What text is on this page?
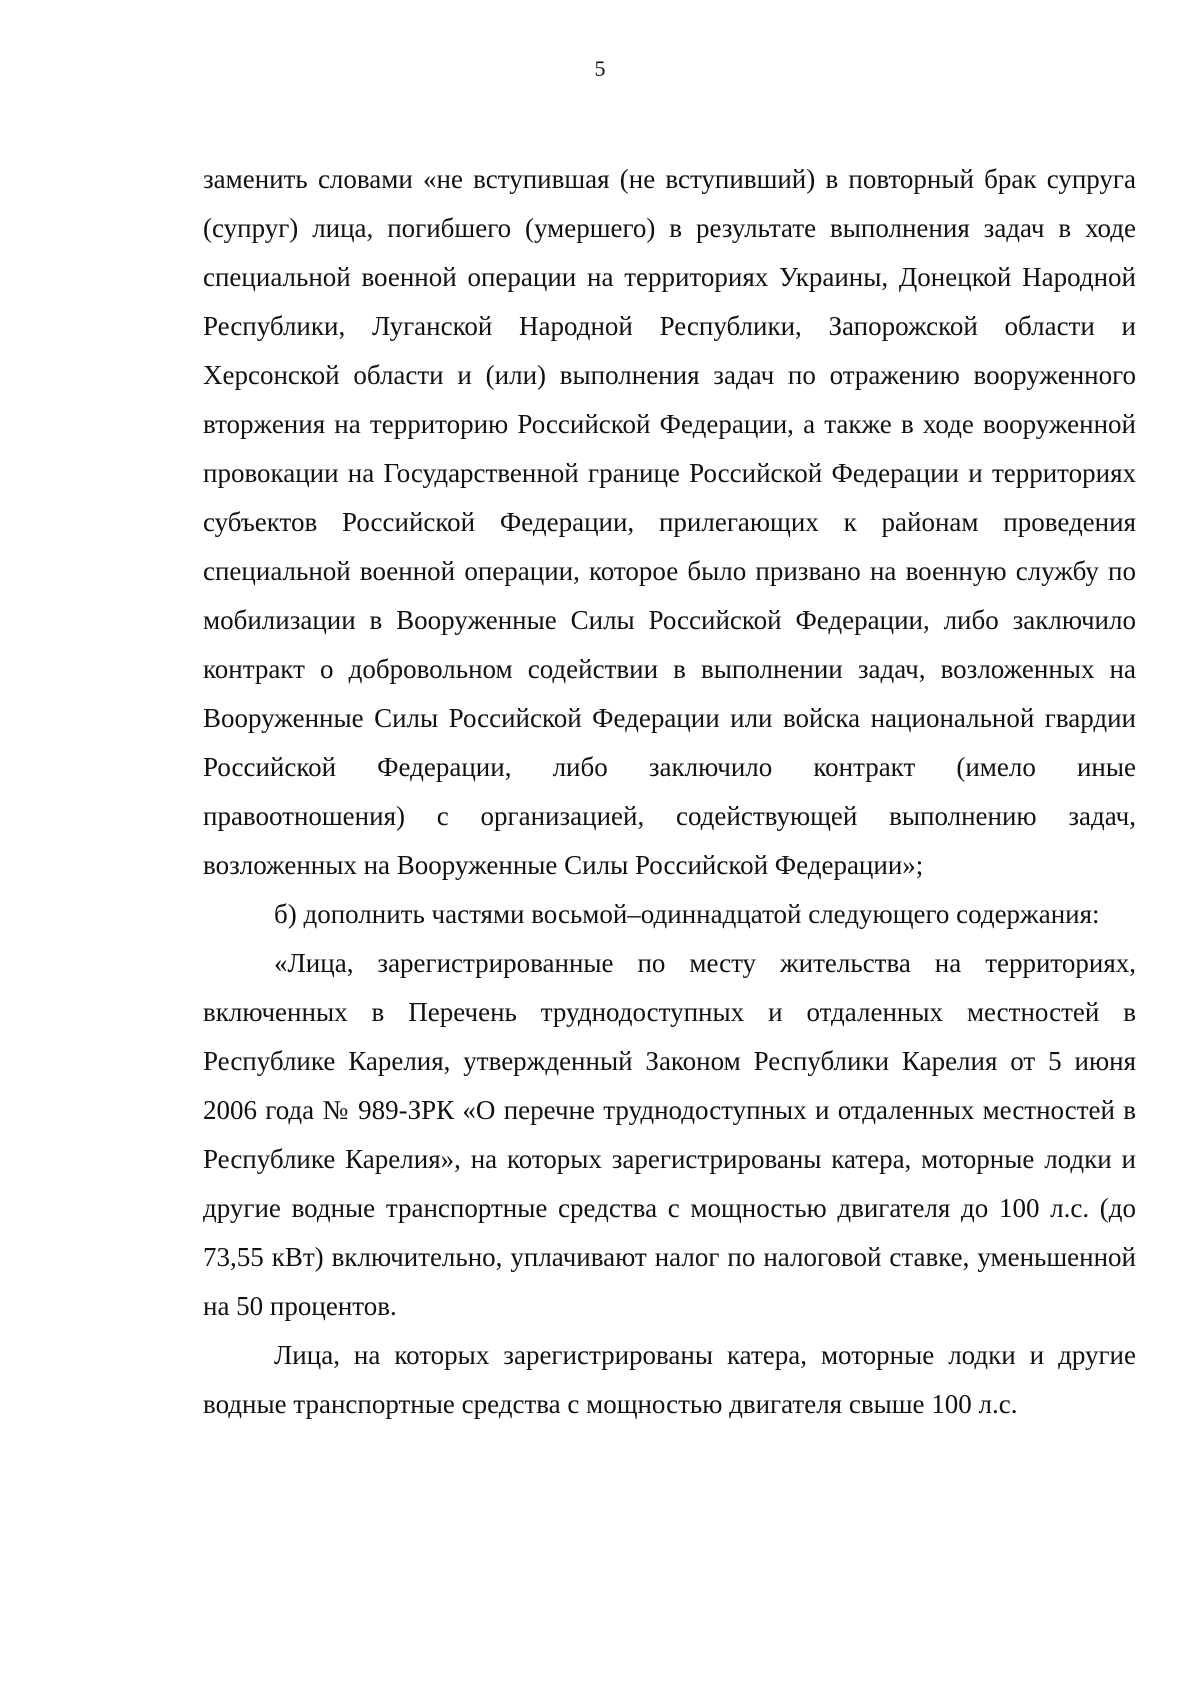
5

заменить словами «не вступившая (не вступивший) в повторный брак супруга (супруг) лица, погибшего (умершего) в результате выполнения задач в ходе специальной военной операции на территориях Украины, Донецкой Народной Республики, Луганской Народной Республики, Запорожской области и Херсонской области и (или) выполнения задач по отражению вооруженного вторжения на территорию Российской Федерации, а также в ходе вооруженной провокации на Государственной границе Российской Федерации и территориях субъектов Российской Федерации, прилегающих к районам проведения специальной военной операции, которое было призвано на военную службу по мобилизации в Вооруженные Силы Российской Федерации, либо заключило контракт о добровольном содействии в выполнении задач, возложенных на Вооруженные Силы Российской Федерации или войска национальной гвардии Российской Федерации, либо заключило контракт (имело иные правоотношения) с организацией, содействующей выполнению задач, возложенных на Вооруженные Силы Российской Федерации»;

б) дополнить частями восьмой–одиннадцатой следующего содержания:

«Лица, зарегистрированные по месту жительства на территориях, включенных в Перечень труднодоступных и отдаленных местностей в Республике Карелия, утвержденный Законом Республики Карелия от 5 июня 2006 года № 989-ЗРК «О перечне труднодоступных и отдаленных местностей в Республике Карелия», на которых зарегистрированы катера, моторные лодки и другие водные транспортные средства с мощностью двигателя до 100 л.с. (до 73,55 кВт) включительно, уплачивают налог по налоговой ставке, уменьшенной на 50 процентов.

Лица, на которых зарегистрированы катера, моторные лодки и другие водные транспортные средства с мощностью двигателя свыше 100 л.с.
